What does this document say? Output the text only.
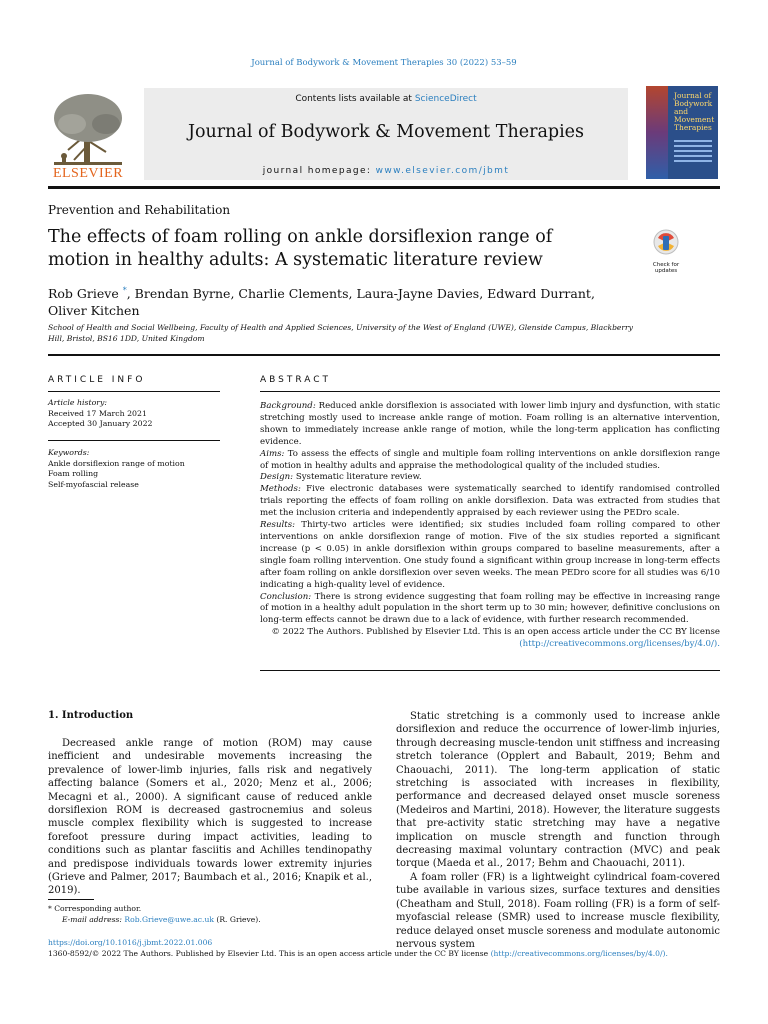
Journal of Bodywork & Movement Therapies 30 (2022) 53–59
ELSEVIER
Contents lists available at ScienceDirect
Journal of Bodywork & Movement Therapies
journal homepage: www.elsevier.com/jbmt
Journal of Bodywork and Movement Therapies
Prevention and Rehabilitation
The effects of foam rolling on ankle dorsiflexion range of motion in healthy adults: A systematic literature review	Check for updates
Rob Grieve *, Brendan Byrne, Charlie Clements, Laura-Jayne Davies, Edward Durrant,
Oliver Kitchen
School of Health and Social Wellbeing, Faculty of Health and Applied Sciences, University of the West of England (UWE), Glenside Campus, Blackberry Hill, Bristol, BS16 1DD, United Kingdom
ARTICLE INFO
Article history:
Received 17 March 2021
Accepted 30 January 2022
Keywords:
Ankle dorsiflexion range of motion
Foam rolling
Self-myofascial release
ABSTRACT
Background: Reduced ankle dorsiflexion is associated with lower limb injury and dysfunction, with static stretching mostly used to increase ankle range of motion. Foam rolling is an alternative intervention, shown to immediately increase ankle range of motion, while the long-term application has conflicting evidence.
Aims: To assess the effects of single and multiple foam rolling interventions on ankle dorsiflexion range of motion in healthy adults and appraise the methodological quality of the included studies.
Design: Systematic literature review.
Methods: Five electronic databases were systematically searched to identify randomised controlled trials reporting the effects of foam rolling on ankle dorsiflexion. Data was extracted from studies that met the inclusion criteria and independently appraised by each reviewer using the PEDro scale.
Results: Thirty-two articles were identified; six studies included foam rolling compared to other interventions on ankle dorsiflexion range of motion. Five of the six studies reported a significant increase (p < 0.05) in ankle dorsiflexion within groups compared to baseline measurements, after a single foam rolling intervention. One study found a significant within group increase in long-term effects after foam rolling on ankle dorsiflexion over seven weeks. The mean PEDro score for all studies was 6/10 indicating a high-quality level of evidence.
Conclusion: There is strong evidence suggesting that foam rolling may be effective in increasing range of motion in a healthy adult population in the short term up to 30 min; however, definitive conclusions on long-term effects cannot be drawn due to a lack of evidence, with further research recommended.
© 2022 The Authors. Published by Elsevier Ltd. This is an open access article under the CC BY license (http://creativecommons.org/licenses/by/4.0/).
1. Introduction
Decreased ankle range of motion (ROM) may cause inefficient and undesirable movements increasing the prevalence of lower-limb injuries, falls risk and negatively affecting balance (Somers et al., 2020; Menz et al., 2006; Mecagni et al., 2000). A significant cause of reduced ankle dorsiflexion ROM is decreased gastrocnemius and soleus muscle complex flexibility which is suggested to increase forefoot pressure during impact activities, leading to conditions such as plantar fasciitis and Achilles tendinopathy and predispose individuals towards lower extremity injuries (Grieve and Palmer, 2017; Baumbach et al., 2016; Knapik et al., 2019).

Static stretching is a commonly used to increase ankle dorsiflexion and reduce the occurrence of lower-limb injuries, through decreasing muscle-tendon unit stiffness and increasing stretch tolerance (Opplert and Babault, 2019; Behm and Chaouachi, 2011). The long-term application of static stretching is associated with increases in flexibility, performance and decreased delayed onset muscle soreness (Medeiros and Martini, 2018). However, the literature suggests that pre-activity static stretching may have a negative implication on muscle strength and function through decreasing maximal voluntary contraction (MVC) and peak torque (Maeda et al., 2017; Behm and Chaouachi, 2011).

A foam roller (FR) is a lightweight cylindrical foam-covered tube available in various sizes, surface textures and densities (Cheatham and Stull, 2018). Foam rolling (FR) is a form of self-myofascial release (SMR) used to increase muscle flexibility, reduce delayed onset muscle soreness and modulate autonomic nervous system

* Corresponding author.
E-mail address: Rob.Grieve@uwe.ac.uk (R. Grieve).
https://doi.org/10.1016/j.jbmt.2022.01.006
1360-8592/© 2022 The Authors. Published by Elsevier Ltd. This is an open access article under the CC BY license (http://creativecommons.org/licenses/by/4.0/).
